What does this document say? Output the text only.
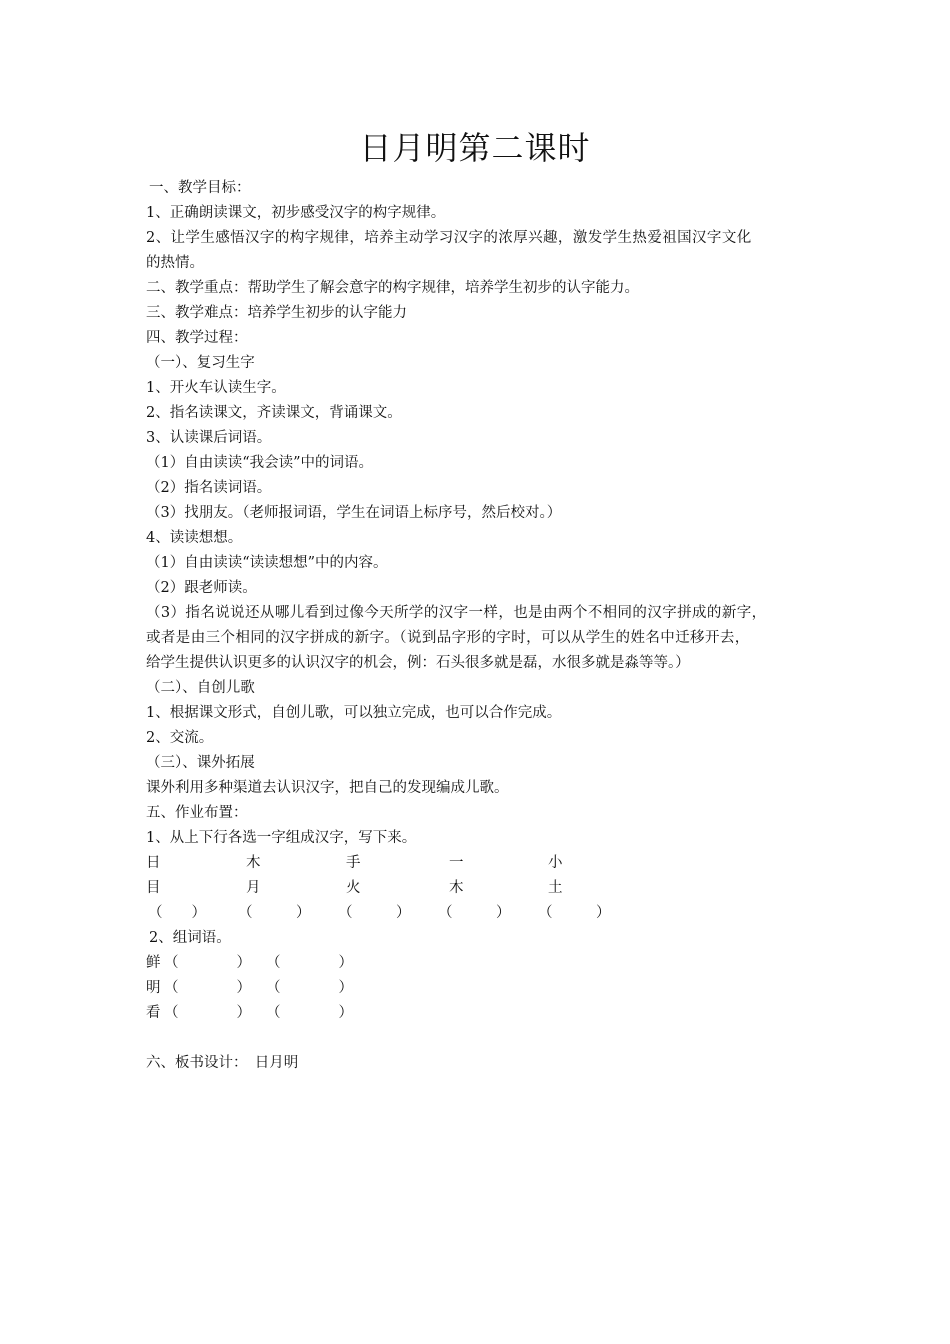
日月明第二课时
一、教学目标：
1、正确朗读课文，初步感受汉字的构字规律。
2、让学生感悟汉字的构字规律，培养主动学习汉字的浓厚兴趣，激发学生热爱祖国汉字文化
的热情。
二、教学重点：帮助学生了解会意字的构字规律，培养学生初步的认字能力。
三、教学难点：培养学生初步的认字能力
四、教学过程：
（一）、复习生字
1、开火车认读生字。
2、指名读课文，齐读课文，背诵课文。
3、认读课后词语。
（1）自由读读“我会读”中的词语。
（2）指名读词语。
（3）找朋友。（老师报词语，学生在词语上标序号，然后校对。）
4、读读想想。
（1）自由读读“读读想想”中的内容。
（2）跟老师读。
（3）指名说说还从哪儿看到过像今天所学的汉字一样，也是由两个不相同的汉字拼成的新字，
或者是由三个相同的汉字拼成的新字。（说到品字形的字时，可以从学生的姓名中迁移开去，
给学生提供认识更多的认识汉字的机会，例：石头很多就是磊，水很多就是淼等等。）
（二）、自创儿歌
1、根据课文形式，自创儿歌，可以独立完成，也可以合作完成。
2、交流。
（三）、课外拓展
课外利用多种渠道去认识汉字，把自己的发现编成儿歌。
五、作业布置：
1、从上下行各选一字组成汉字，写下来。
日	木	手	一	小
目	月	火	木	土
（　　） （　　　） （　　　） （　　　） （　　　）
2、组词语。
鲜 （　　　　） （　　　　）
明 （　　　　） （　　　　）
看 （　　　　） （　　　　）
六、板书设计：　日月明
